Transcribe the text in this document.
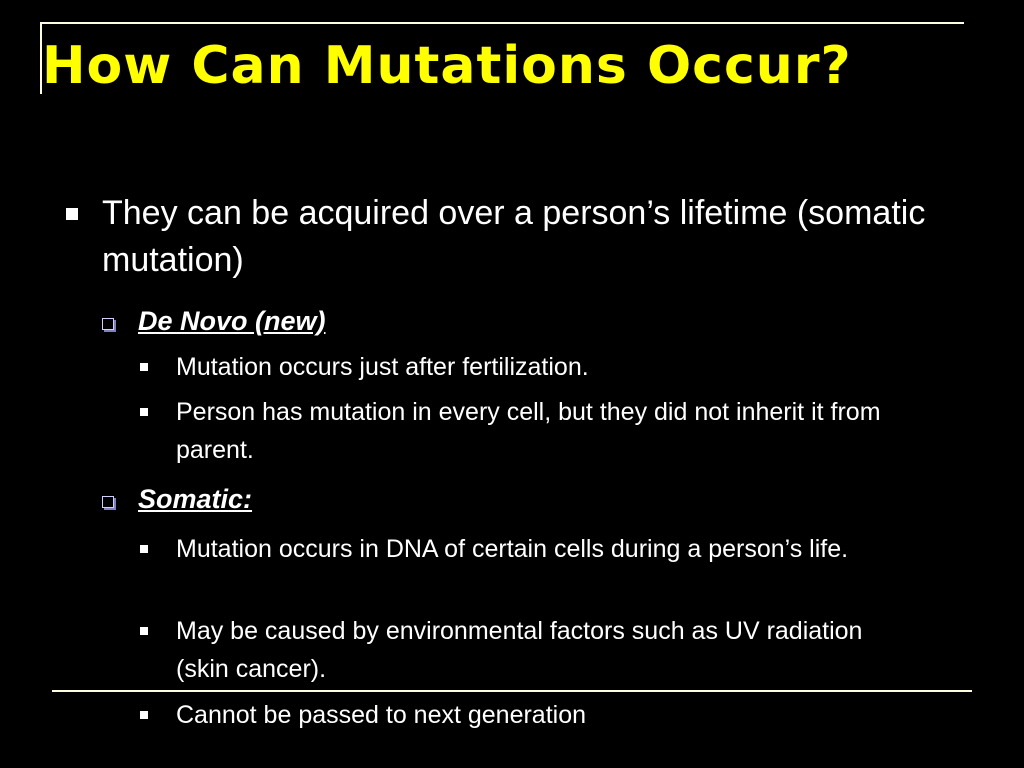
How Can Mutations Occur?
They can be acquired over a person’s lifetime (somatic mutation)
De Novo (new)
Mutation occurs just after fertilization.
Person has mutation in every cell, but they did not inherit it from parent.
Somatic:
Mutation occurs in DNA of certain cells during a person’s life.
May be caused by environmental factors such as UV radiation (skin cancer).
Cannot be passed to next generation
